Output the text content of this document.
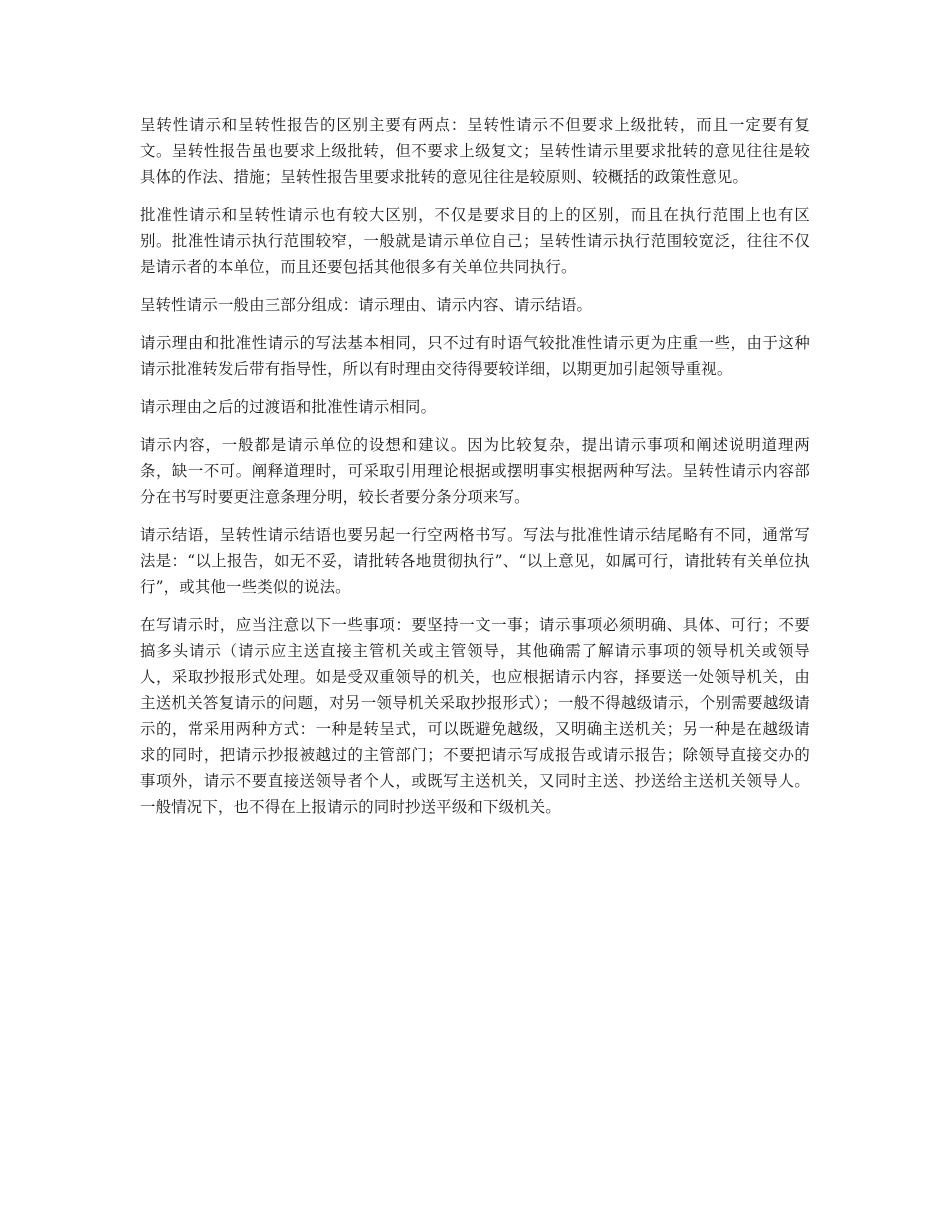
呈转性请示和呈转性报告的区别主要有两点：呈转性请示不但要求上级批转，而且一定要有复文。呈转性报告虽也要求上级批转，但不要求上级复文；呈转性请示里要求批转的意见往往是较具体的作法、措施；呈转性报告里要求批转的意见往往是较原则、较概括的政策性意见。

批准性请示和呈转性请示也有较大区别，不仅是要求目的上的区别，而且在执行范围上也有区别。批准性请示执行范围较窄，一般就是请示单位自己；呈转性请示执行范围较宽泛，往往不仅是请示者的本单位，而且还要包括其他很多有关单位共同执行。

呈转性请示一般由三部分组成：请示理由、请示内容、请示结语。

请示理由和批准性请示的写法基本相同，只不过有时语气较批准性请示更为庄重一些，由于这种请示批准转发后带有指导性，所以有时理由交待得要较详细，以期更加引起领导重视。

请示理由之后的过渡语和批准性请示相同。

请示内容，一般都是请示单位的设想和建议。因为比较复杂，提出请示事项和阐述说明道理两条，缺一不可。阐释道理时，可采取引用理论根据或摆明事实根据两种写法。呈转性请示内容部分在书写时要更注意条理分明，较长者要分条分项来写。

请示结语，呈转性请示结语也要另起一行空两格书写。写法与批准性请示结尾略有不同，通常写法是：“以上报告，如无不妥，请批转各地贯彻执行”、“以上意见，如属可行，请批转有关单位执行”，或其他一些类似的说法。

在写请示时，应当注意以下一些事项：要坚持一文一事；请示事项必须明确、具体、可行；不要搞多头请示（请示应主送直接主管机关或主管领导，其他确需了解请示事项的领导机关或领导人，采取抄报形式处理。如是受双重领导的机关，也应根据请示内容，择要送一处领导机关，由主送机关答复请示的问题，对另一领导机关采取抄报形式）；一般不得越级请示，个别需要越级请示的，常采用两种方式：一种是转呈式，可以既避免越级，又明确主送机关；另一种是在越级请求的同时，把请示抄报被越过的主管部门；不要把请示写成报告或请示报告；除领导直接交办的事项外，请示不要直接送领导者个人，或既写主送机关，又同时主送、抄送给主送机关领导人。一般情况下，也不得在上报请示的同时抄送平级和下级机关。
